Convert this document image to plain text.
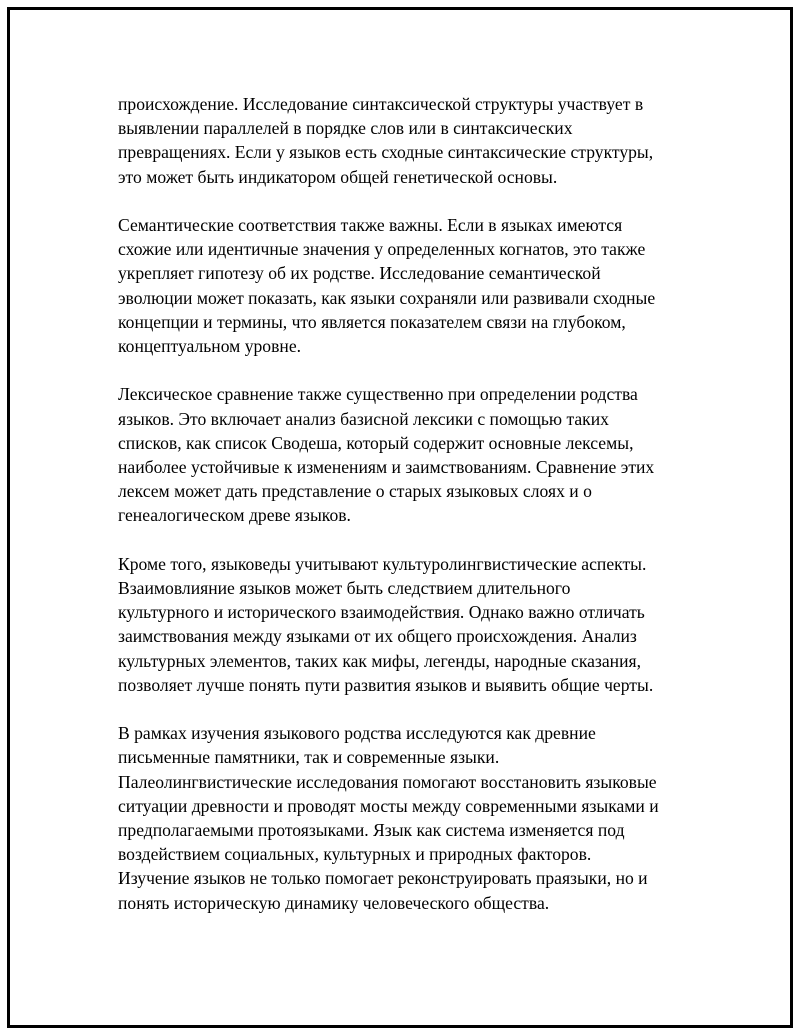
происхождение. Исследование синтаксической структуры участвует в
выявлении параллелей в порядке слов или в синтаксических
превращениях. Если у языков есть сходные синтаксические структуры,
это может быть индикатором общей генетической основы.

Семантические соответствия также важны. Если в языках имеются
схожие или идентичные значения у определенных когнатов, это также
укрепляет гипотезу об их родстве. Исследование семантической
эволюции может показать, как языки сохраняли или развивали сходные
концепции и термины, что является показателем связи на глубоком,
концептуальном уровне.

Лексическое сравнение также существенно при определении родства
языков. Это включает анализ базисной лексики с помощью таких
списков, как список Сводеша, который содержит основные лексемы,
наиболее устойчивые к изменениям и заимствованиям. Сравнение этих
лексем может дать представление о старых языковых слоях и о
генеалогическом древе языков.

Кроме того, языковеды учитывают культуролингвистические аспекты.
Взаимовлияние языков может быть следствием длительного
культурного и исторического взаимодействия. Однако важно отличать
заимствования между языками от их общего происхождения. Анализ
культурных элементов, таких как мифы, легенды, народные сказания,
позволяет лучше понять пути развития языков и выявить общие черты.

В рамках изучения языкового родства исследуются как древние
письменные памятники, так и современные языки.
Палеолингвистические исследования помогают восстановить языковые
ситуации древности и проводят мосты между современными языками и
предполагаемыми протоязыками. Язык как система изменяется под
воздействием социальных, культурных и природных факторов.
Изучение языков не только помогает реконструировать праязыки, но и
понять историческую динамику человеческого общества.
